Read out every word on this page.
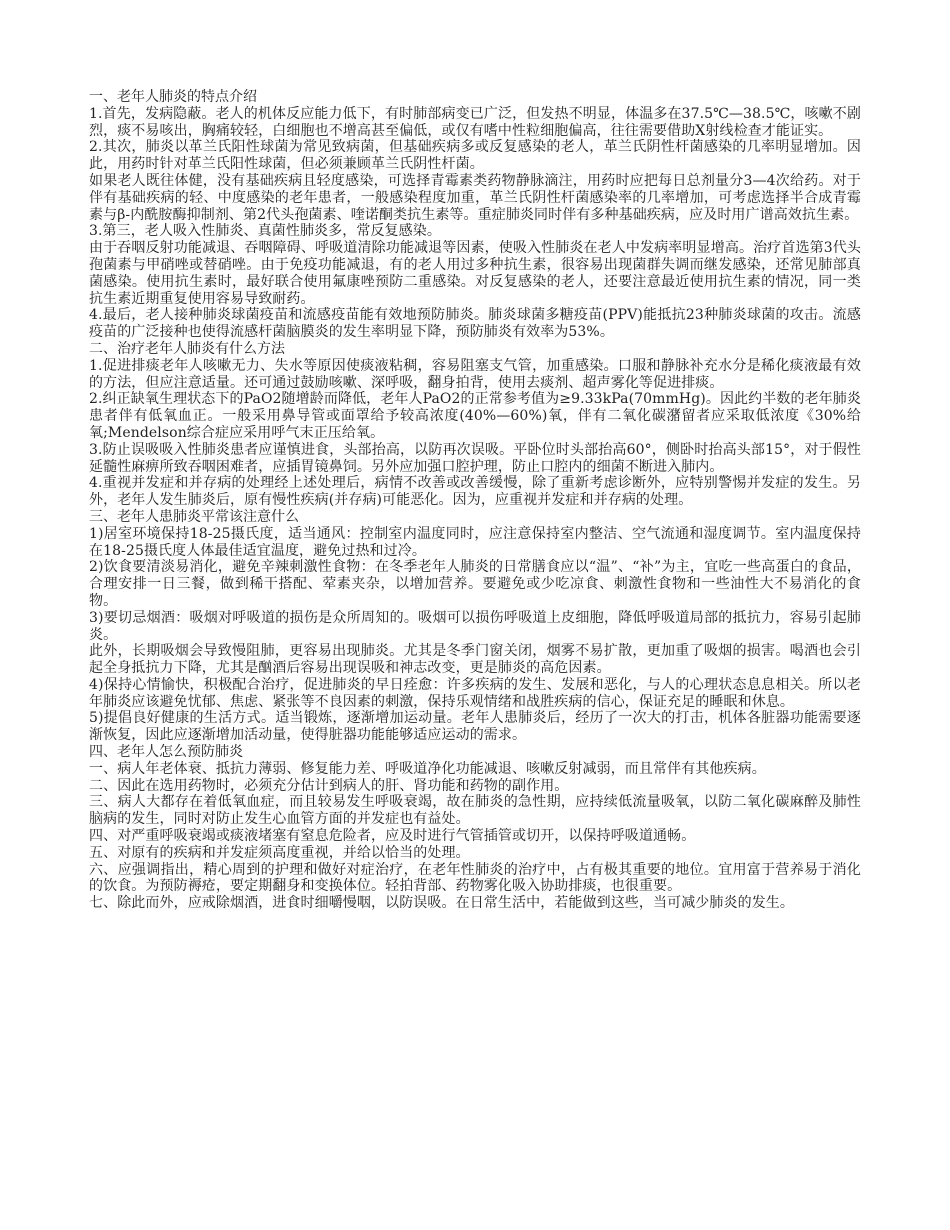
一、老年人肺炎的特点介绍

1.首先，发病隐蔽。老人的机体反应能力低下，有时肺部病变已广泛，但发热不明显，体温多在37.5℃—38.5℃，咳嗽不剧烈，痰不易咳出，胸痛较轻，白细胞也不增高甚至偏低，或仅有嗜中性粒细胞偏高，往往需要借助X射线检查才能证实。

2.其次，肺炎以革兰氏阳性球菌为常见致病菌，但基础疾病多或反复感染的老人，革兰氏阴性杆菌感染的几率明显增加。因此，用药时针对革兰氏阳性球菌，但必须兼顾革兰氏阴性杆菌。

如果老人既往体健，没有基础疾病且轻度感染，可选择青霉素类药物静脉滴注，用药时应把每日总剂量分3—4次给药。对于伴有基础疾病的轻、中度感染的老年患者，一般感染程度加重，革兰氏阴性杆菌感染率的几率增加，可考虑选择半合成青霉素与β-内酰胺酶抑制剂、第2代头孢菌素、喹诺酮类抗生素等。重症肺炎同时伴有多种基础疾病，应及时用广谱高效抗生素。

3.第三，老人吸入性肺炎、真菌性肺炎多，常反复感染。

由于吞咽反射功能减退、吞咽障碍、呼吸道清除功能减退等因素，使吸入性肺炎在老人中发病率明显增高。治疗首选第3代头孢菌素与甲硝唑或替硝唑。由于免疫功能减退，有的老人用过多种抗生素，很容易出现菌群失调而继发感染，还常见肺部真菌感染。使用抗生素时，最好联合使用氟康唑预防二重感染。对反复感染的老人，还要注意最近使用抗生素的情况，同一类抗生素近期重复使用容易导致耐药。

4.最后，老人接种肺炎球菌疫苗和流感疫苗能有效地预防肺炎。肺炎球菌多糖疫苗(PPV)能抵抗23种肺炎球菌的攻击。流感疫苗的广泛接种也使得流感杆菌脑膜炎的发生率明显下降，预防肺炎有效率为53%。

二、治疗老年人肺炎有什么方法

1.促进排痰老年人咳嗽无力、失水等原因使痰液粘稠，容易阻塞支气管，加重感染。口服和静脉补充水分是稀化痰液最有效的方法，但应注意适量。还可通过鼓励咳嗽、深呼吸，翻身拍背，使用去痰剂、超声雾化等促进排痰。

2.纠正缺氧生理状态下的PaO2随增龄而降低，老年人PaO2的正常参考值为≥9.33kPa(70mmHg)。因此约半数的老年肺炎患者伴有低氧血正。一般采用鼻导管或面罩给予较高浓度(40%—60%)氧，伴有二氧化碳潴留者应采取低浓度《30%给氧;Mendelson综合症应采用呼气末正压给氧。

3.防止误吸吸入性肺炎患者应谨慎进食，头部抬高，以防再次误吸。平卧位时头部抬高60°，侧卧时抬高头部15°，对于假性延髓性麻痹所致吞咽困难者，应插胃镜鼻饲。另外应加强口腔护理，防止口腔内的细菌不断进入肺内。

4.重视并发症和并存病的处理经上述处理后，病情不改善或改善缓慢，除了重新考虑诊断外，应特别警惕并发症的发生。另外，老年人发生肺炎后，原有慢性疾病(并存病)可能恶化。因为，应重视并发症和并存病的处理。

三、老年人患肺炎平常该注意什么

1)居室环境保持18-25摄氏度，适当通风：控制室内温度同时，应注意保持室内整洁、空气流通和湿度调节。室内温度保持在18-25摄氏度人体最佳适宜温度，避免过热和过冷。

2)饮食要清淡易消化，避免辛辣刺激性食物：在冬季老年人肺炎的日常膳食应以“温”、“补”为主，宜吃一些高蛋白的食品，合理安排一日三餐，做到稀干搭配、荤素夹杂，以增加营养。要避免或少吃凉食、刺激性食物和一些油性大不易消化的食物。

3)要切忌烟酒：吸烟对呼吸道的损伤是众所周知的。吸烟可以损伤呼吸道上皮细胞，降低呼吸道局部的抵抗力，容易引起肺炎。

此外，长期吸烟会导致慢阻肺，更容易出现肺炎。尤其是冬季门窗关闭，烟雾不易扩散，更加重了吸烟的损害。喝酒也会引起全身抵抗力下降，尤其是酗酒后容易出现误吸和神志改变，更是肺炎的高危因素。

4)保持心情愉快，积极配合治疗，促进肺炎的早日痊愈：许多疾病的发生、发展和恶化，与人的心理状态息息相关。所以老年肺炎应该避免忧郁、焦虑、紧张等不良因素的刺激，保持乐观情绪和战胜疾病的信心，保证充足的睡眠和休息。

5)提倡良好健康的生活方式。适当锻炼，逐渐增加运动量。老年人患肺炎后，经历了一次大的打击，机体各脏器功能需要逐渐恢复，因此应逐渐增加活动量，使得脏器功能能够适应运动的需求。

四、老年人怎么预防肺炎

一、病人年老体衰、抵抗力薄弱、修复能力差、呼吸道净化功能减退、咳嗽反射减弱，而且常伴有其他疾病。

二、因此在选用药物时，必须充分估计到病人的肝、肾功能和药物的副作用。

三、病人大都存在着低氧血症，而且较易发生呼吸衰竭，故在肺炎的急性期，应持续低流量吸氧，以防二氧化碳麻醉及肺性脑病的发生，同时对防止发生心血管方面的并发症也有益处。

四、对严重呼吸衰竭或痰液堵塞有窒息危险者，应及时进行气管插管或切开，以保持呼吸道通畅。

五、对原有的疾病和并发症须高度重视，并给以恰当的处理。

六、应强调指出，精心周到的护理和做好对症治疗，在老年性肺炎的治疗中，占有极其重要的地位。宜用富于营养易于消化的饮食。为预防褥疮，要定期翻身和变换体位。轻拍背部、药物雾化吸入协助排痰，也很重要。

七、除此而外，应戒除烟酒，进食时细嚼慢咽，以防误吸。在日常生活中，若能做到这些，当可减少肺炎的发生。
